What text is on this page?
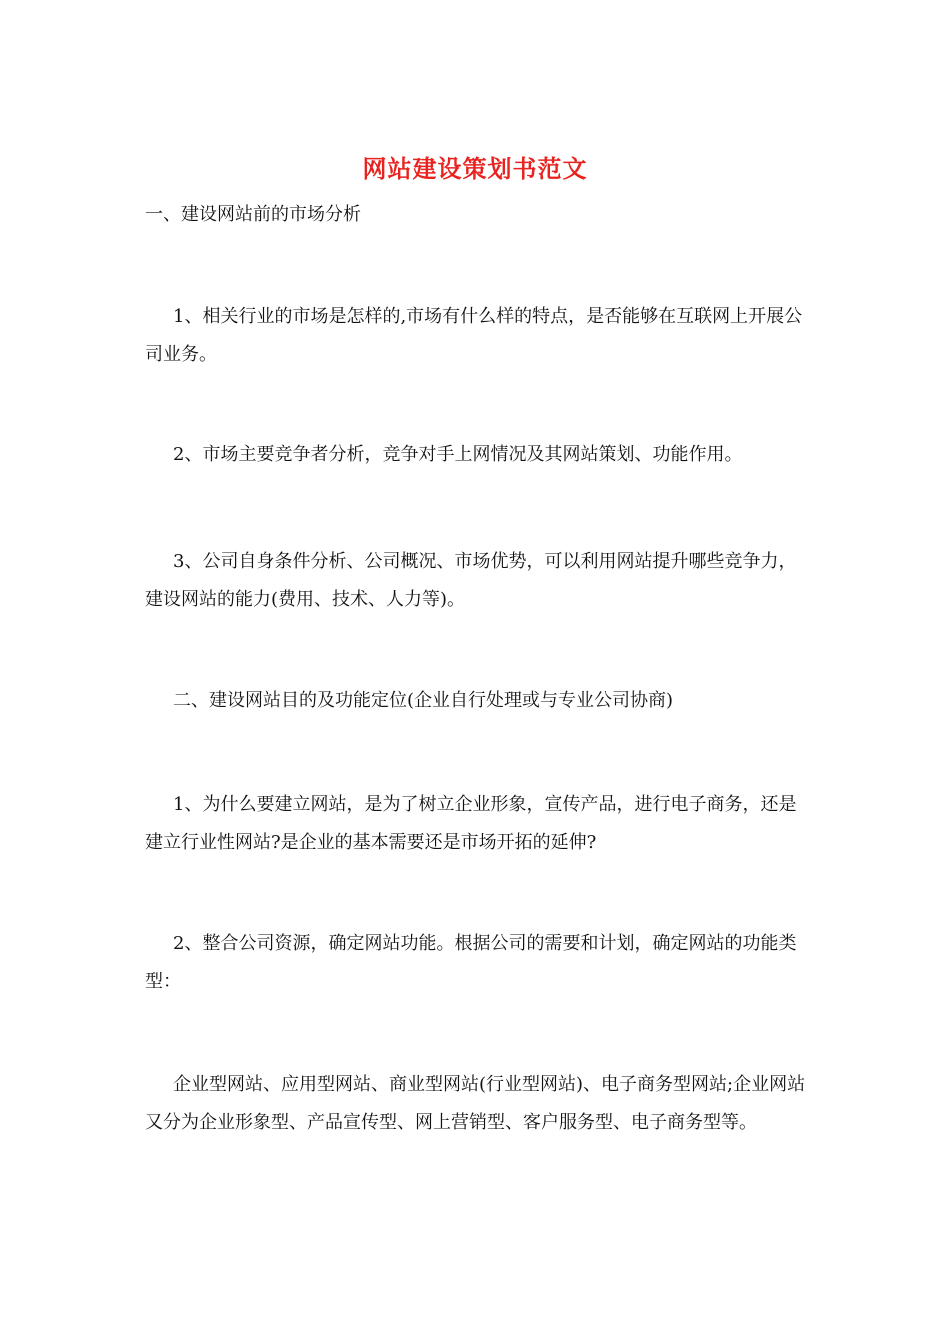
网站建设策划书范文
一、建设网站前的市场分析
1、相关行业的市场是怎样的,市场有什么样的特点，是否能够在互联网上开展公司业务。
2、市场主要竞争者分析，竞争对手上网情况及其网站策划、功能作用。
3、公司自身条件分析、公司概况、市场优势，可以利用网站提升哪些竞争力，建设网站的能力(费用、技术、人力等)。
二、建设网站目的及功能定位(企业自行处理或与专业公司协商)
1、为什么要建立网站，是为了树立企业形象，宣传产品，进行电子商务，还是建立行业性网站?是企业的基本需要还是市场开拓的延伸?
2、整合公司资源，确定网站功能。根据公司的需要和计划，确定网站的功能类型：
企业型网站、应用型网站、商业型网站(行业型网站)、电子商务型网站;企业网站又分为企业形象型、产品宣传型、网上营销型、客户服务型、电子商务型等。
